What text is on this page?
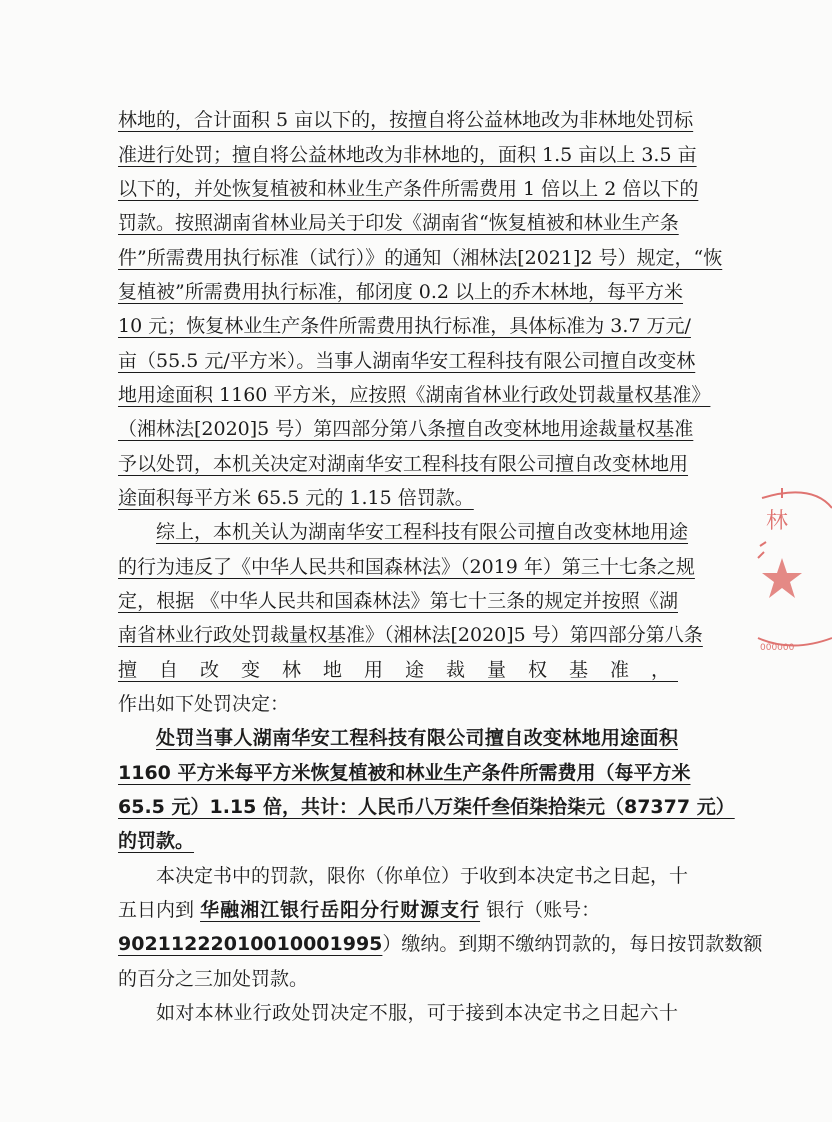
林地的，合计面积 5 亩以下的，按擅自将公益林地改为非林地处罚标
准进行处罚；擅自将公益林地改为非林地的，面积 1.5 亩以上 3.5 亩
以下的，并处恢复植被和林业生产条件所需费用 1 倍以上 2 倍以下的
罚款。按照湖南省林业局关于印发《湖南省“恢复植被和林业生产条
件”所需费用执行标准（试行）》的通知（湘林法[2021]2 号）规定，“恢
复植被”所需费用执行标准，郁闭度 0.2 以上的乔木林地，每平方米
10 元；恢复林业生产条件所需费用执行标准，具体标准为 3.7 万元/
亩（55.5 元/平方米）。当事人湖南华安工程科技有限公司擅自改变林
地用途面积 1160 平方米，应按照《湖南省林业行政处罚裁量权基准》
（湘林法[2020]5 号）第四部分第八条擅自改变林地用途裁量权基准
予以处罚，本机关决定对湖南华安工程科技有限公司擅自改变林地用
途面积每平方米 65.5 元的 1.15 倍罚款。
综上，本机关认为湖南华安工程科技有限公司擅自改变林地用途
的行为违反了《中华人民共和国森林法》（2019 年）第三十七条之规
定，根据 《中华人民共和国森林法》第七十三条的规定并按照《湖
南省林业行政处罚裁量权基准》（湘林法[2020]5 号）第四部分第八条
擅自改变林地用途裁量权基准，
作出如下处罚决定：
处罚当事人湖南华安工程科技有限公司擅自改变林地用途面积
1160 平方米每平方米恢复植被和林业生产条件所需费用（每平方米
65.5 元）1.15 倍，共计：人民币八万柒仟叁佰柒拾柒元（87377 元）
的罚款。
本决定书中的罚款，限你（你单位）于收到本决定书之日起，十
五日内到 华融湘江银行岳阳分行财源支行 银行（账号：
90211222010010001995）缴纳。到期不缴纳罚款的，每日按罚款数额
的百分之三加处罚款。
如对本林业行政处罚决定不服，可于接到本决定书之日起六十
林
000000
